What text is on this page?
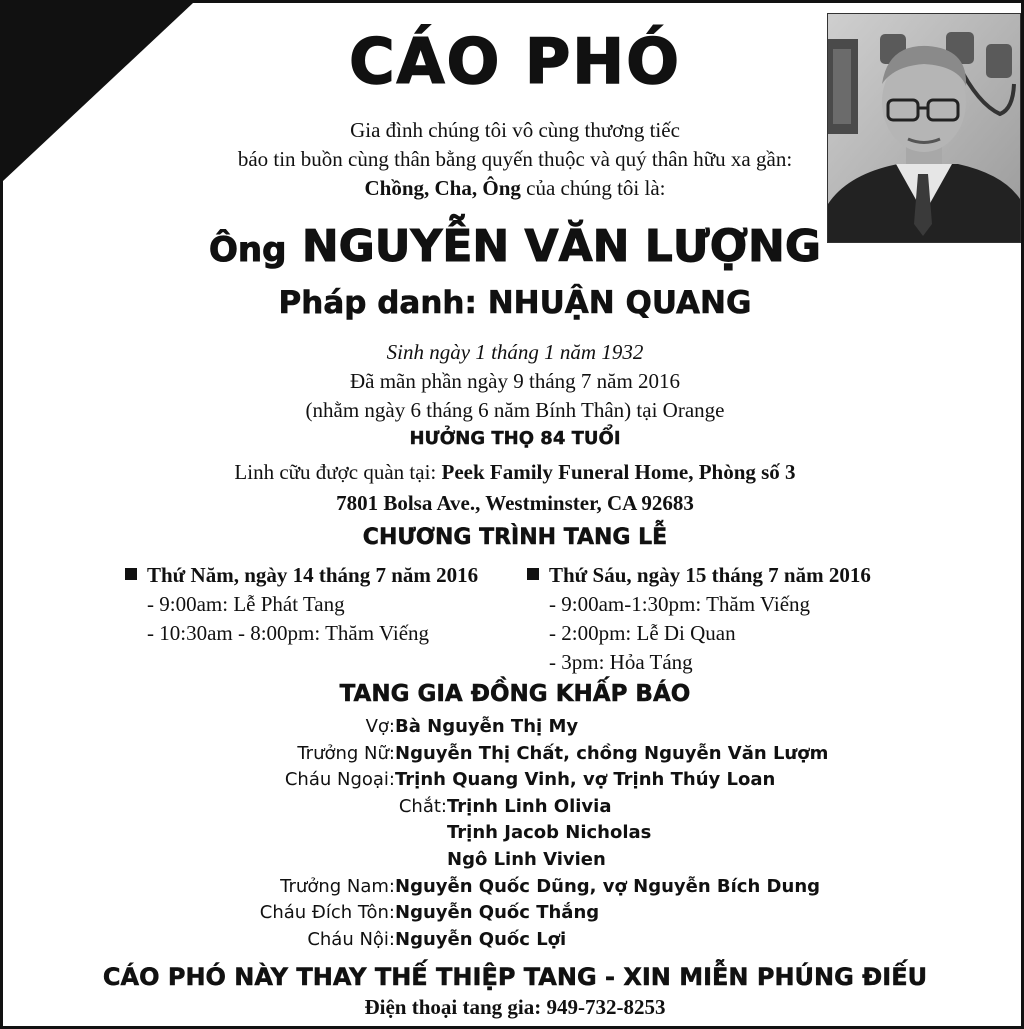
CÁO PHÓ
Gia đình chúng tôi vô cùng thương tiếc
báo tin buồn cùng thân bằng quyến thuộc và quý thân hữu xa gần:
Chồng, Cha, Ông của chúng tôi là:
Ông NGUYỄN VĂN LƯỢNG
Pháp danh: NHUẬN QUANG
Sinh ngày 1 tháng 1 năm 1932
Đã mãn phần ngày 9 tháng 7 năm 2016
(nhằm ngày 6 tháng 6 năm Bính Thân) tại Orange
HƯỞNG THỌ 84 TUỔI
Linh cữu được quàn tại: Peek Family Funeral Home, Phòng số 3
7801 Bolsa Ave., Westminster, CA 92683
CHƯƠNG TRÌNH TANG LỄ
Thứ Năm, ngày 14 tháng 7 năm 2016
- 9:00am: Lễ Phát Tang
- 10:30am - 8:00pm: Thăm Viếng
Thứ Sáu, ngày 15 tháng 7 năm 2016
- 9:00am-1:30pm: Thăm Viếng
- 2:00pm: Lễ Di Quan
- 3pm: Hỏa Táng
TANG GIA ĐỒNG KHẤP BÁO
Vợ:Bà Nguyễn Thị My
Trưởng Nữ:Nguyễn Thị Chất, chồng Nguyễn Văn Lượm
Cháu Ngoại:Trịnh Quang Vinh, vợ Trịnh Thúy Loan
Chắt:Trịnh Linh Olivia
Trịnh Jacob Nicholas
Ngô Linh Vivien
Trưởng Nam:Nguyễn Quốc Dũng, vợ Nguyễn Bích Dung
Cháu Đích Tôn:Nguyễn Quốc Thắng
Cháu Nội:Nguyễn Quốc Lợi
CÁO PHÓ NÀY THAY THẾ THIỆP TANG - XIN MIỄN PHÚNG ĐIẾU
Điện thoại tang gia: 949-732-8253
